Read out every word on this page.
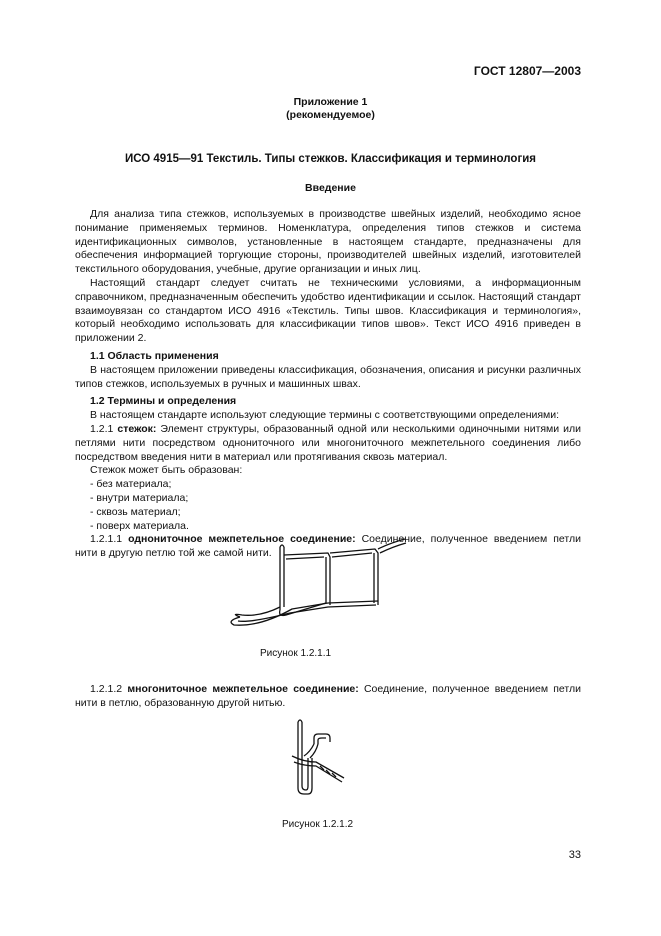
ГОСТ 12807—2003
Приложение 1
(рекомендуемое)
ИСО 4915—91 Текстиль. Типы стежков. Классификация и терминология
Введение

Для анализа типа стежков, используемых в производстве швейных изделий, необходимо ясное понимание применяемых терминов. Номенклатура, определения типов стежков и система идентификационных символов, установленные в настоящем стандарте, предназначены для обеспечения информацией торгующие стороны, производителей швейных изделий, изготовителей текстильного оборудования, учебные, другие организации и иных лиц.

Настоящий стандарт следует считать не техническими условиями, а информационным справочником, предназначенным обеспечить удобство идентификации и ссылок. Настоящий стандарт взаимоувязан со стандартом ИСО 4916 «Текстиль. Типы швов. Классификация и терминология», который необходимо использовать для классификации типов швов». Текст ИСО 4916 приведен в приложении 2.

1.1 Область применения

В настоящем приложении приведены классификация, обозначения, описания и рисунки различных типов стежков, используемых в ручных и машинных швах.

1.2 Термины и определения

В настоящем стандарте используют следующие термины с соответствующими определениями:

1.2.1 стежок: Элемент структуры, образованный одной или несколькими одиночными нитями или петлями нити посредством однониточного или многониточного межпетельного соединения либо посредством введения нити в материал или протягивания сквозь материал.

Стежок может быть образован:

- без материала;

- внутри материала;

- сквозь материал;

- поверх материала.

1.2.1.1 однониточное межпетельное соединение: Соединение, полученное введением петли нити в другую петлю той же самой нити.

Рисунок 1.2.1.1

1.2.1.2 многониточное межпетельное соединение: Соединение, полученное введением петли нити в петлю, образованную другой нитью.

Рисунок 1.2.1.2
33
